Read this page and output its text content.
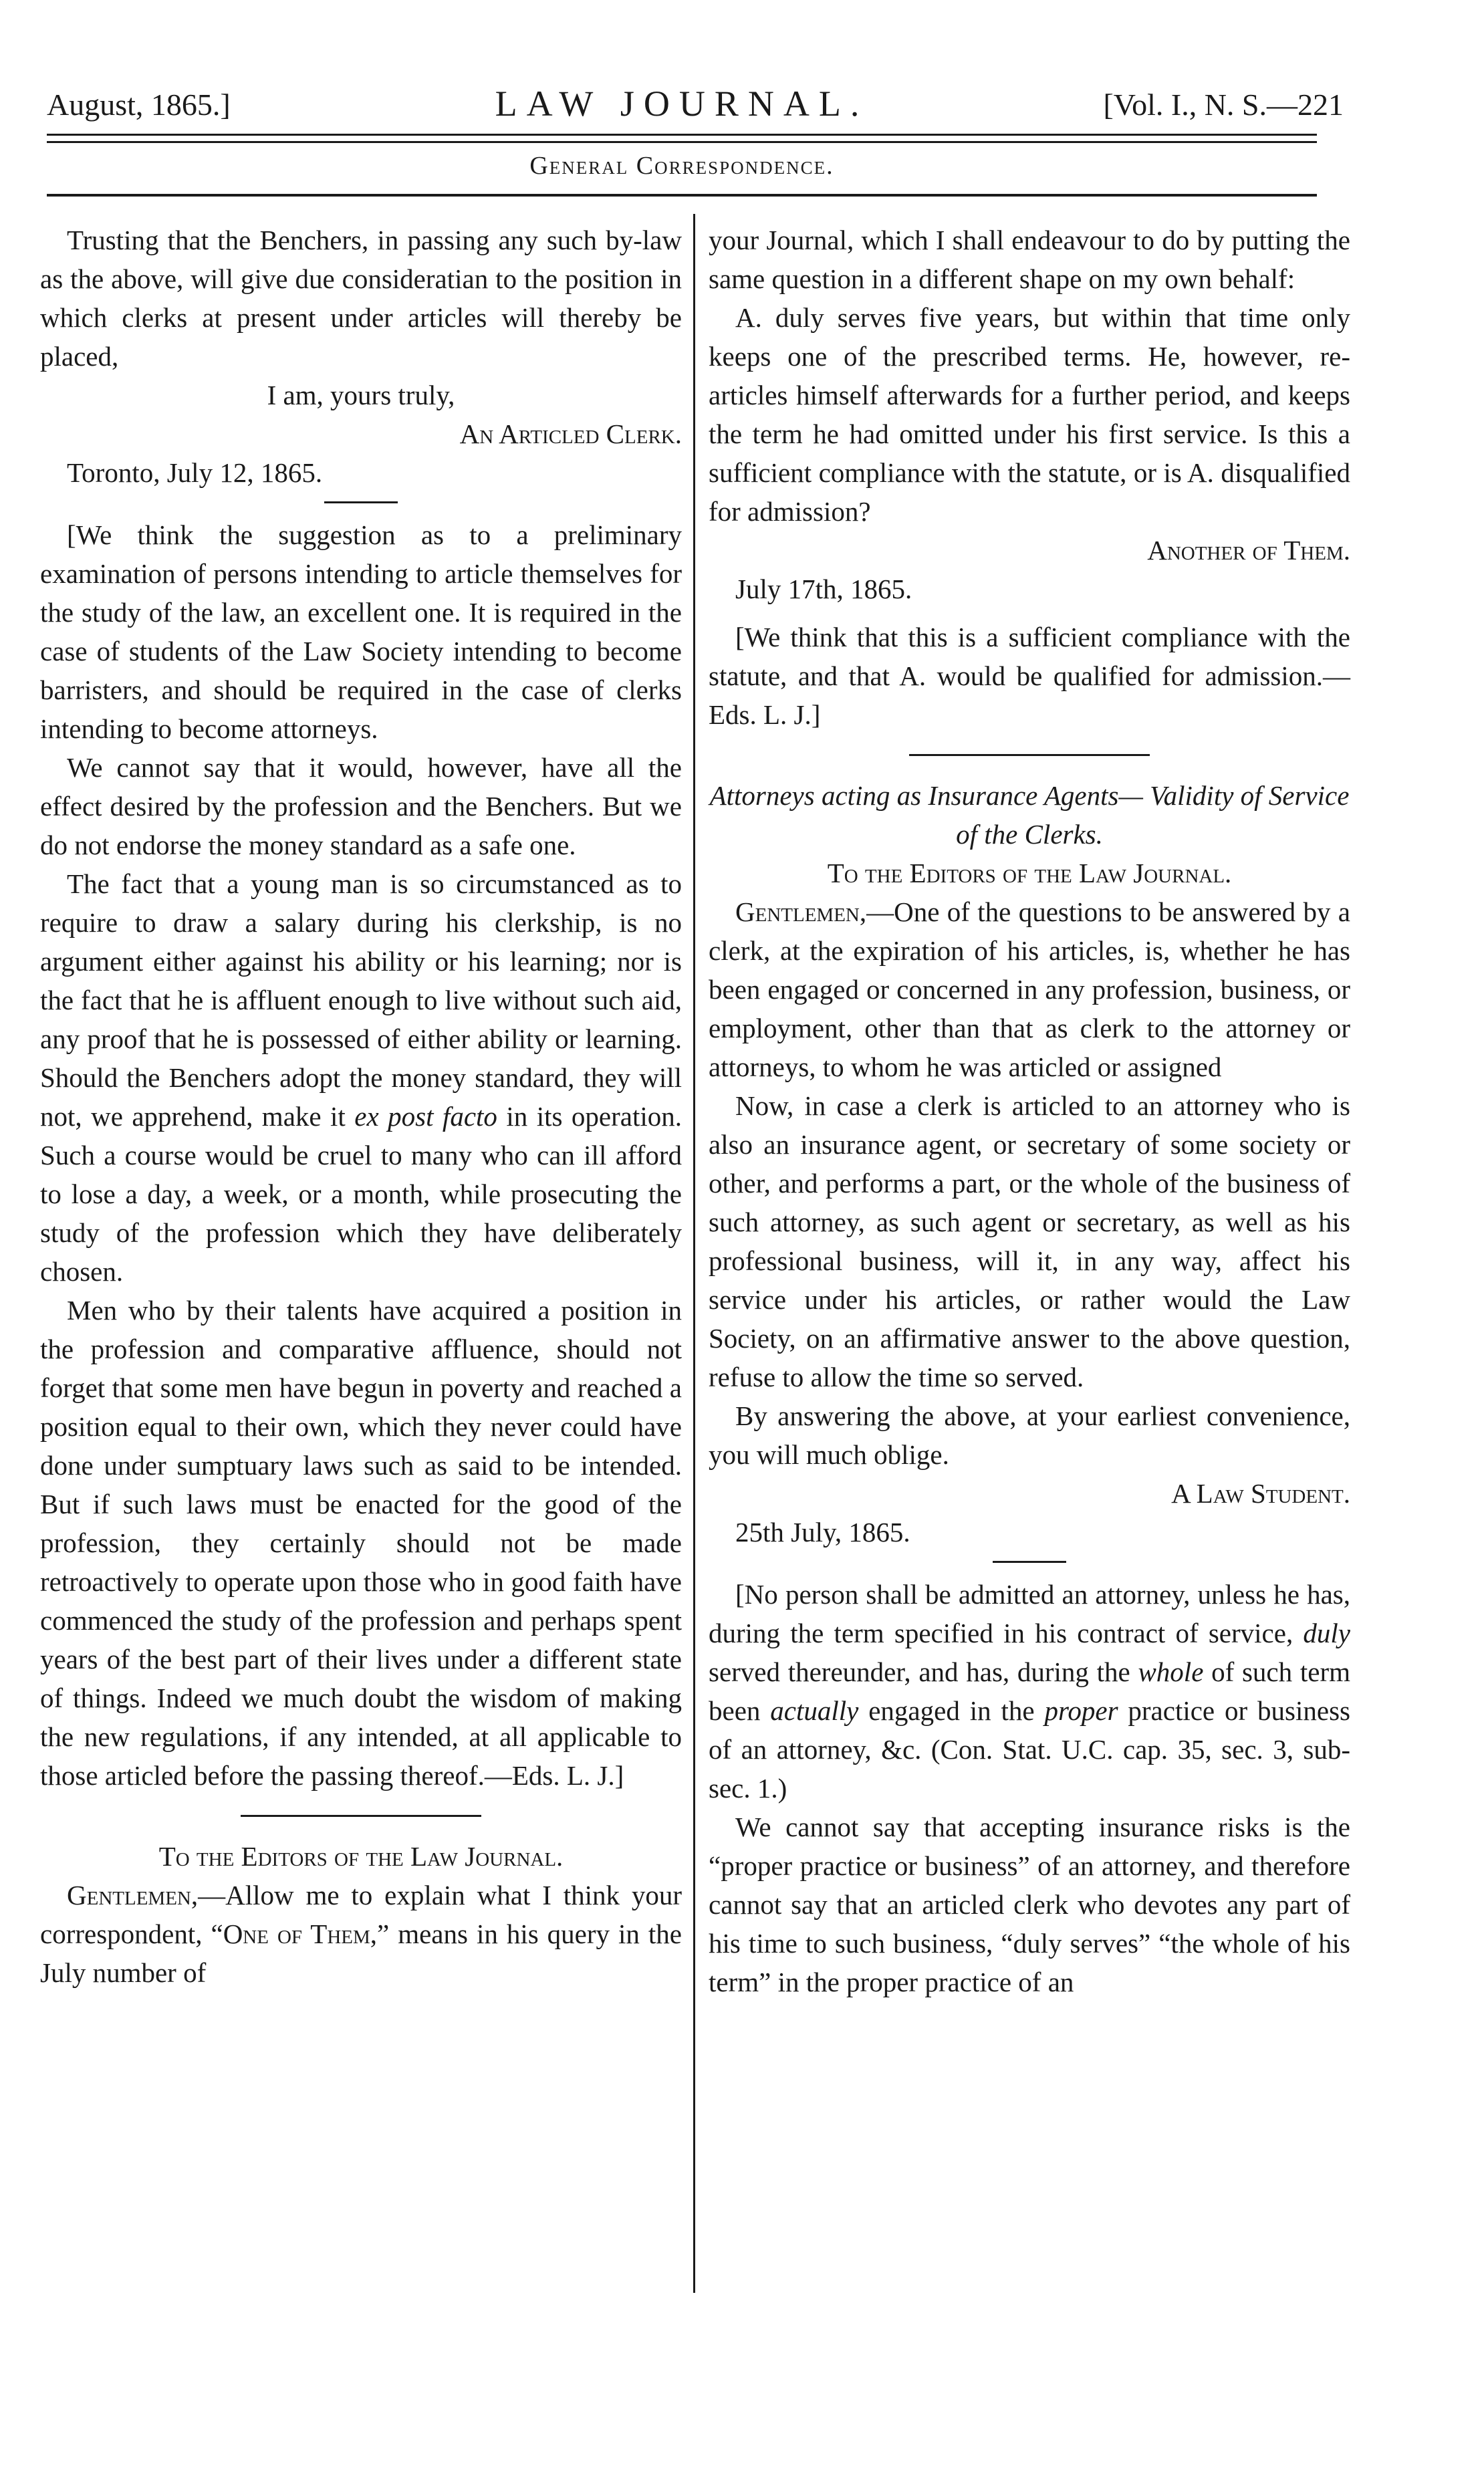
August, 1865.]	LAW JOURNAL.	[Vol. I., N. S.—221
General Correspondence.

Trusting that the Benchers, in passing any such by-law as the above, will give due consideratian to the position in which clerks at present under articles will thereby be placed,

I am, yours truly,

An Articled Clerk.

Toronto, July 12, 1865.

[We think the suggestion as to a preliminary examination of persons intending to article themselves for the study of the law, an excellent one. It is required in the case of students of the Law Society intending to become barristers, and should be required in the case of clerks intending to become attorneys.

We cannot say that it would, however, have all the effect desired by the profession and the Benchers. But we do not endorse the money standard as a safe one.

The fact that a young man is so circumstanced as to require to draw a salary during his clerkship, is no argument either against his ability or his learning; nor is the fact that he is affluent enough to live without such aid, any proof that he is possessed of either ability or learning. Should the Benchers adopt the money standard, they will not, we apprehend, make it ex post facto in its operation. Such a course would be cruel to many who can ill afford to lose a day, a week, or a month, while prosecuting the study of the profession which they have deliberately chosen.

Men who by their talents have acquired a position in the profession and comparative affluence, should not forget that some men have begun in poverty and reached a position equal to their own, which they never could have done under sumptuary laws such as said to be intended. But if such laws must be enacted for the good of the profession, they certainly should not be made retroactively to operate upon those who in good faith have commenced the study of the profession and perhaps spent years of the best part of their lives under a different state of things. Indeed we much doubt the wisdom of making the new regulations, if any intended, at all applicable to those articled before the passing thereof.—Eds. L. J.]

To the Editors of the Law Journal.

Gentlemen,—Allow me to explain what I think your correspondent, “One of Them,” means in his query in the July number of

your Journal, which I shall endeavour to do by putting the same question in a different shape on my own behalf:

A. duly serves five years, but within that time only keeps one of the prescribed terms. He, however, re-articles himself afterwards for a further period, and keeps the term he had omitted under his first service. Is this a sufficient compliance with the statute, or is A. disqualified for admission?

Another of Them.

July 17th, 1865.

[We think that this is a sufficient compliance with the statute, and that A. would be qualified for admission.—Eds. L. J.]

Attorneys acting as Insurance Agents— Validity of Service of the Clerks.

To the Editors of the Law Journal.

Gentlemen,—One of the questions to be answered by a clerk, at the expiration of his articles, is, whether he has been engaged or concerned in any profession, business, or employment, other than that as clerk to the attorney or attorneys, to whom he was articled or assigned

Now, in case a clerk is articled to an attorney who is also an insurance agent, or secretary of some society or other, and performs a part, or the whole of the business of such attorney, as such agent or secretary, as well as his professional business, will it, in any way, affect his service under his articles, or rather would the Law Society, on an affirmative answer to the above question, refuse to allow the time so served.

By answering the above, at your earliest convenience, you will much oblige.

A Law Student.

25th July, 1865.

[No person shall be admitted an attorney, unless he has, during the term specified in his contract of service, duly served thereunder, and has, during the whole of such term been actually engaged in the proper practice or business of an attorney, &c. (Con. Stat. U.C. cap. 35, sec. 3, sub-sec. 1.)

We cannot say that accepting insurance risks is the “proper practice or business” of an attorney, and therefore cannot say that an articled clerk who devotes any part of his time to such business, “duly serves” “the whole of his term” in the proper practice of an
